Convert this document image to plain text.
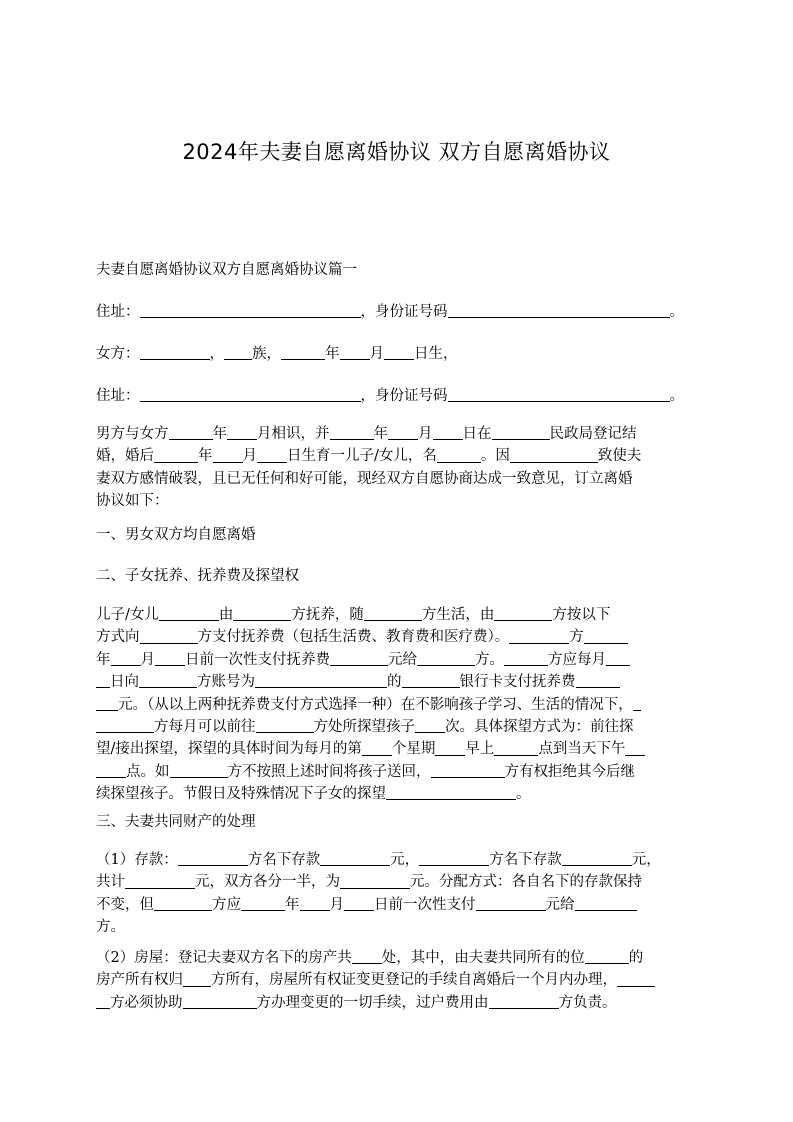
2024年夫妻自愿离婚协议 双方自愿离婚协议

夫妻自愿离婚协议双方自愿离婚协议篇一

住址：	，身份证号码	。

女方：	， 族，	年 月 日生，

住址：	，身份证号码	。

男方与女方	年 月相识，并	年 月 日在	民政局登记结

婚，婚后	年 月 日生育一儿子/女儿，名	。因	致使夫

妻双方感情破裂，且已无任何和好可能，现经双方自愿协商达成一致意见，订立离婚

协议如下：

一、男女双方均自愿离婚

二、子女抚养、抚养费及探望权

儿子/女儿	由	方抚养，随	方生活，由	方按以下

方式向	方支付抚养费（包括生活费、教育费和医疗费）。	方

年 月 日前一次性支付抚养费	元给	方。	方应每月

日向	方账号为	的	银行卡支付抚养费

元。（从以上两种抚养费支付方式选择一种）在不影响孩子学习、生活的情况下，

方每月可以前往	方处所探望孩子 次。具体探望方式为：前往探

望/接出探望，探望的具体时间为每月的第 个星期 早上	点到当天下午

点。如	方不按照上述时间将孩子送回，	方有权拒绝其今后继

续探望孩子。节假日及特殊情况下子女的探望	。

三、夫妻共同财产的处理

（1）存款：	方名下存款	元，	方名下存款	元，

共计	元，双方各分一半，为	元。分配方式：各自名下的存款保持

不变，但	方应	年 月 日前一次性支付	元给

方。

（2）房屋：登记夫妻双方名下的房产共 处，其中，由夫妻共同所有的位	的

房产所有权归 方所有，房屋所有权证变更登记的手续自离婚后一个月内办理，

方必须协助	方办理变更的一切手续，过户费用由	方负责。
